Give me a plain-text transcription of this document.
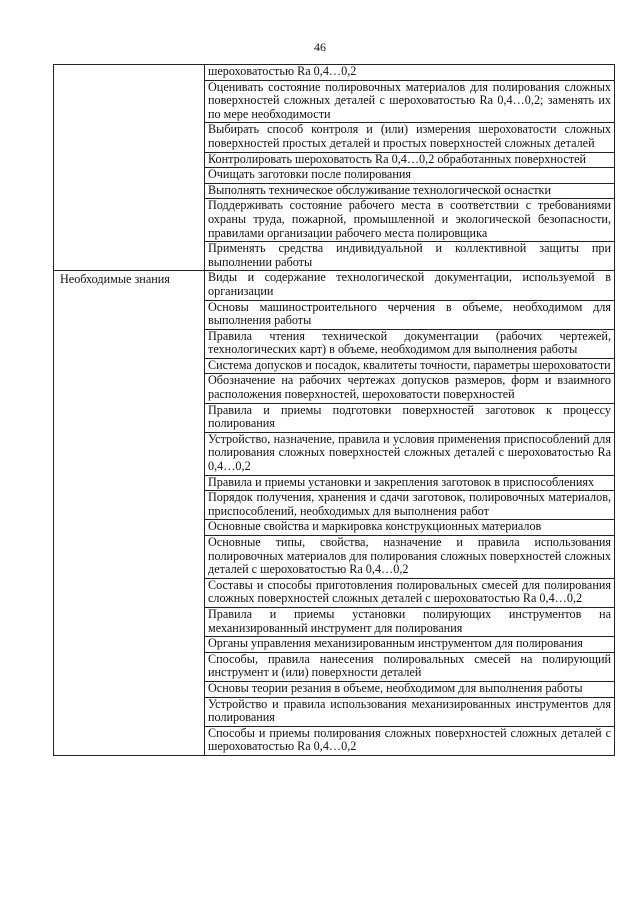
46
	шероховатостью Ra 0,4…0,2
	Оценивать состояние полировочных материалов для полирования сложных поверхностей сложных деталей с шероховатостью Ra 0,4…0,2; заменять их по мере необходимости
	Выбирать способ контроля и (или) измерения шероховатости сложных поверхностей простых деталей и простых поверхностей сложных деталей
	Контролировать шероховатость Ra 0,4…0,2 обработанных поверхностей
	Очищать заготовки после полирования
	Выполнять техническое обслуживание технологической оснастки
	Поддерживать состояние рабочего места в соответствии с требованиями охраны труда, пожарной, промышленной и экологической безопасности, правилами организации рабочего места полировщика
	Применять средства индивидуальной и коллективной защиты при выполнении работы
Необходимые знания	Виды и содержание технологической документации, используемой в организации
	Основы машиностроительного черчения в объеме, необходимом для выполнения работы
	Правила чтения технической документации (рабочих чертежей, технологических карт) в объеме, необходимом для выполнения работы
	Система допусков и посадок, квалитеты точности, параметры шероховатости
	Обозначение на рабочих чертежах допусков размеров, форм и взаимного расположения поверхностей, шероховатости поверхностей
	Правила и приемы подготовки поверхностей заготовок к процессу полирования
	Устройство, назначение, правила и условия применения приспособлений для полирования сложных поверхностей сложных деталей с шероховатостью Ra 0,4…0,2
	Правила и приемы установки и закрепления заготовок в приспособлениях
	Порядок получения, хранения и сдачи заготовок, полировочных материалов, приспособлений, необходимых для выполнения работ
	Основные свойства и маркировка конструкционных материалов
	Основные типы, свойства, назначение и правила использования полировочных материалов для полирования сложных поверхностей сложных деталей с шероховатостью Ra 0,4…0,2
	Составы и способы приготовления полировальных смесей для полирования сложных поверхностей сложных деталей с шероховатостью Ra 0,4…0,2
	Правила и приемы установки полирующих инструментов на механизированный инструмент для полирования
	Органы управления механизированным инструментом для полирования
	Способы, правила нанесения полировальных смесей на полирующий инструмент и (или) поверхности деталей
	Основы теории резания в объеме, необходимом для выполнения работы
	Устройство и правила использования механизированных инструментов для полирования
	Способы и приемы полирования сложных поверхностей сложных деталей с шероховатостью Ra 0,4…0,2
